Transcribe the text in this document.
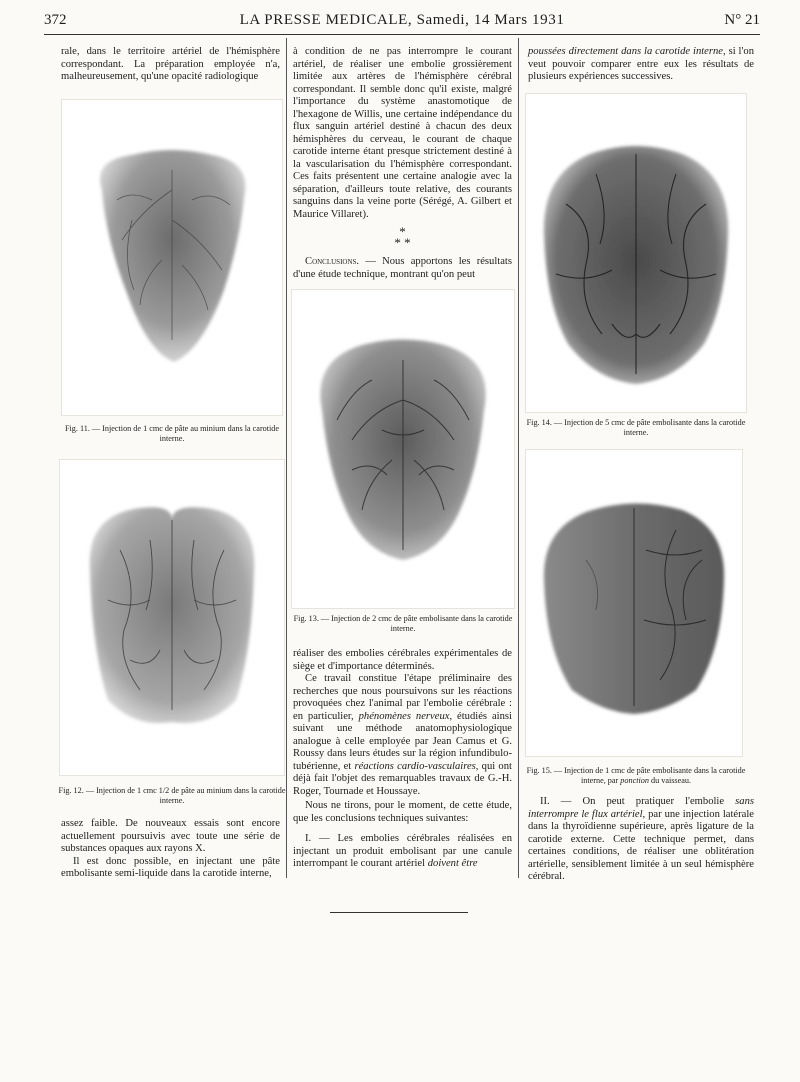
LA PRESSE MEDICALE, Samedi, 14 Mars 1931
372	N° 21

rale, dans le territoire artériel de l'hémisphère correspondant. La préparation employée n'a, malheureusement, qu'une opacité radiologique

Fig. 11. — Injection de 1 cmc de pâte au minium dans la carotide interne.

Fig. 12. — Injection de 1 cmc 1/2 de pâte au minium dans la carotide interne.

assez faible. De nouveaux essais sont encore actuellement poursuivis avec toute une série de substances opaques aux rayons X.

Il est donc possible, en injectant une pâte embolisante semi-liquide dans la carotide interne,

à condition de ne pas interrompre le courant artériel, de réaliser une embolie grossièrement limitée aux artères de l'hémisphère cérébral correspondant. Il semble donc qu'il existe, malgré l'importance du système anastomotique de l'hexagone de Willis, une certaine indépendance du flux sanguin artériel destiné à chacun des deux hémisphères du cerveau, le courant de chaque carotide interne étant presque strictement destiné à la vascularisation du l'hémisphère correspondant. Ces faits présentent une certaine analogie avec la séparation, d'ailleurs toute relative, des courants sanguins dans la veine porte (Sérégé, A. Gilbert et Maurice Villaret).

*
* *

Conclusions. — Nous apportons les résultats d'une étude technique, montrant qu'on peut

Fig. 13. — Injection de 2 cmc de pâte embolisante dans la carotide interne.

réaliser des embolies cérébrales expérimentales de siège et d'importance déterminés.

Ce travail constitue l'étape préliminaire des recherches que nous poursuivons sur les réactions provoquées chez l'animal par l'embolie cérébrale : en particulier, phénomènes nerveux, étudiés ainsi suivant une méthode anatomophysiologique analogue à celle employée par Jean Camus et G. Roussy dans leurs études sur la région infundibulo-tubérienne, et réactions cardio-vasculaires, qui ont déjà fait l'objet des remarquables travaux de G.-H. Roger, Tournade et Houssaye.

Nous ne tirons, pour le moment, de cette étude, que les conclusions techniques suivantes:

I. — Les embolies cérébrales réalisées en injectant un produit embolisant par une canule interrompant le courant artériel doivent être

poussées directement dans la carotide interne, si l'on veut pouvoir comparer entre eux les résultats de plusieurs expériences successives.

Fig. 14. — Injection de 5 cmc de pâte embolisante dans la carotide interne.

Fig. 15. — Injection de 1 cmc de pâte embolisante dans la carotide interne, par ponction du vaisseau.

II. — On peut pratiquer l'embolie sans interrompre le flux artériel, par une injection latérale dans la thyroïdienne supérieure, après ligature de la carotide externe. Cette technique permet, dans certaines conditions, de réaliser une oblitération artérielle, sensiblement limitée à un seul hémisphère cérébral.
